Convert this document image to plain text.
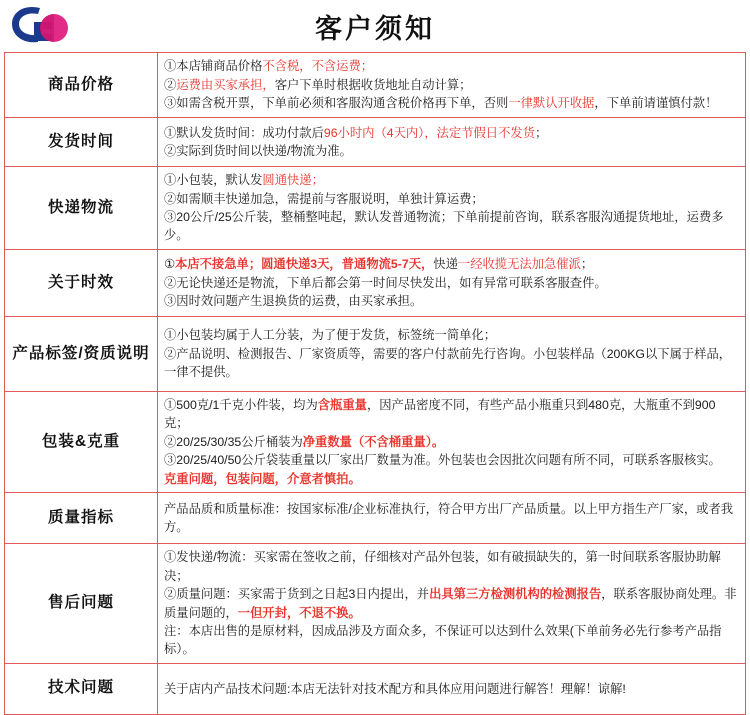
客户须知
商品价格	①本店铺商品价格不含税，不含运费；
②运费由买家承担，客户下单时根据收货地址自动计算；
③如需含税开票，下单前必须和客服沟通含税价格再下单，否则一律默认开收据，下单前请谨慎付款！

发货时间	①默认发货时间：成功付款后96小时内（4天内），法定节假日不发货；
②实际到货时间以快递/物流为准。

快递物流	①小包装，默认发圆通快递；
②如需顺丰快递加急，需提前与客服说明，单独计算运费；
③20公斤/25公斤装，整桶整吨起，默认发普通物流；下单前提前咨询，联系客服沟通提货地址，运费多少。

关于时效	①本店不接急单；圆通快递3天，普通物流5-7天，快递一经收揽无法加急催派；
②无论快递还是物流，下单后都会第一时间尽快发出，如有异常可联系客服查件。
③因时效问题产生退换货的运费，由买家承担。

产品标签/资质说明	①小包装均属于人工分装，为了便于发货，标签统一简单化；
②产品说明、检测报告、厂家资质等，需要的客户付款前先行咨询。小包装样品（200KG以下属于样品，一律不提供。

包装&克重	①500克/1千克小件装，均为含瓶重量，因产品密度不同，有些产品小瓶重只到480克，大瓶重不到900克；
②20/25/30/35公斤桶装为净重数量（不含桶重量）。
③20/25/40/50公斤袋装重量以厂家出厂数量为准。外包装也会因批次问题有所不同，可联系客服核实。
克重问题，包装问题，介意者慎拍。

质量指标	产品品质和质量标准：按国家标准/企业标准执行，符合甲方出厂产品质量。以上甲方指生产厂家，或者我方。

售后问题	①发快递/物流：买家需在签收之前，仔细核对产品外包装，如有破损缺失的，第一时间联系客服协助解决；
②质量问题：买家需于货到之日起3日内提出，并出具第三方检测机构的检测报告，联系客服协商处理。非质量问题的，一但开封，不退不换。
注：本店出售的是原材料，因成品涉及方面众多，不保证可以达到什么效果(下单前务必先行参考产品指标）。

技术问题	关于店内产品技术问题:本店无法针对技术配方和具体应用问题进行解答！理解！谅解!
